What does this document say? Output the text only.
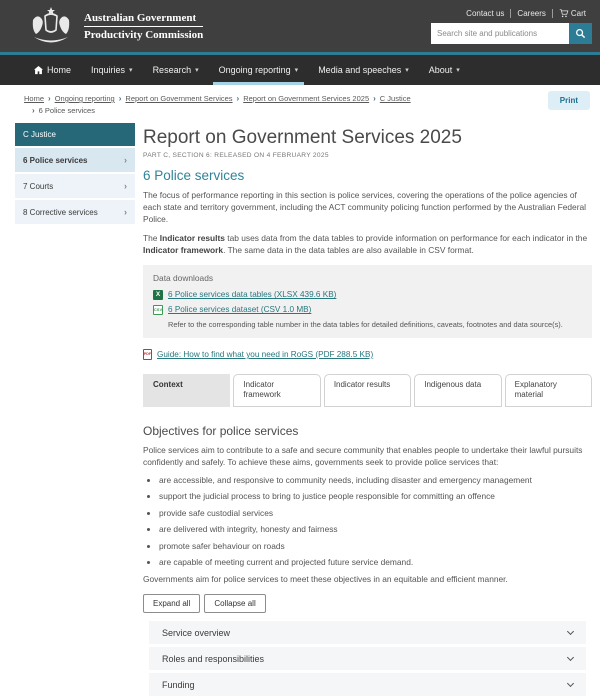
Australian Government
Productivity Commission
Contact us	Careers	Cart
Search site and publications
Home Inquiries ▾ Research ▾ Ongoing reporting ▾ Media and speeches ▾ About ▾
Home › Ongoing reporting › Report on Government Services › Report on Government Services 2025 › C Justice
› 6 Police services
Print
C Justice
6 Police services	›
7 Courts	›
8 Corrective services	›
Report on Government Services 2025
PART C, SECTION 6: RELEASED ON 4 FEBRUARY 2025
6 Police services

The focus of performance reporting in this section is police services, covering the operations of the police agencies of each state and territory government, including the ACT community policing function performed by the Australian Federal Police.

The Indicator results tab uses data from the data tables to provide information on performance for each indicator in the Indicator framework. The same data in the data tables are also available in CSV format.

Data downloads
X 6 Police services data tables (XLSX 439.6 KB)
CSV 6 Police services dataset (CSV 1.0 MB)
Refer to the corresponding table number in the data tables for detailed definitions, caveats, footnotes and data source(s).
PDF Guide: How to find what you need in RoGS (PDF 288.5 KB)
Context	Indicator framework
Indicator results	Indigenous data	Explanatory material
Objectives for police services

Police services aim to contribute to a safe and secure community that enables people to undertake their lawful pursuits confidently and safely. To achieve these aims, governments seek to provide police services that:

• are accessible, and responsive to community needs, including disaster and emergency management
• support the judicial process to bring to justice people responsible for committing an offence
• provide safe custodial services
• are delivered with integrity, honesty and fairness
• promote safer behaviour on roads
• are capable of meeting current and projected future service demand.

Governments aim for police services to meet these objectives in an equitable and efficient manner.

Expand all	Collapse all
Service overview
Roles and responsibilities
Funding
